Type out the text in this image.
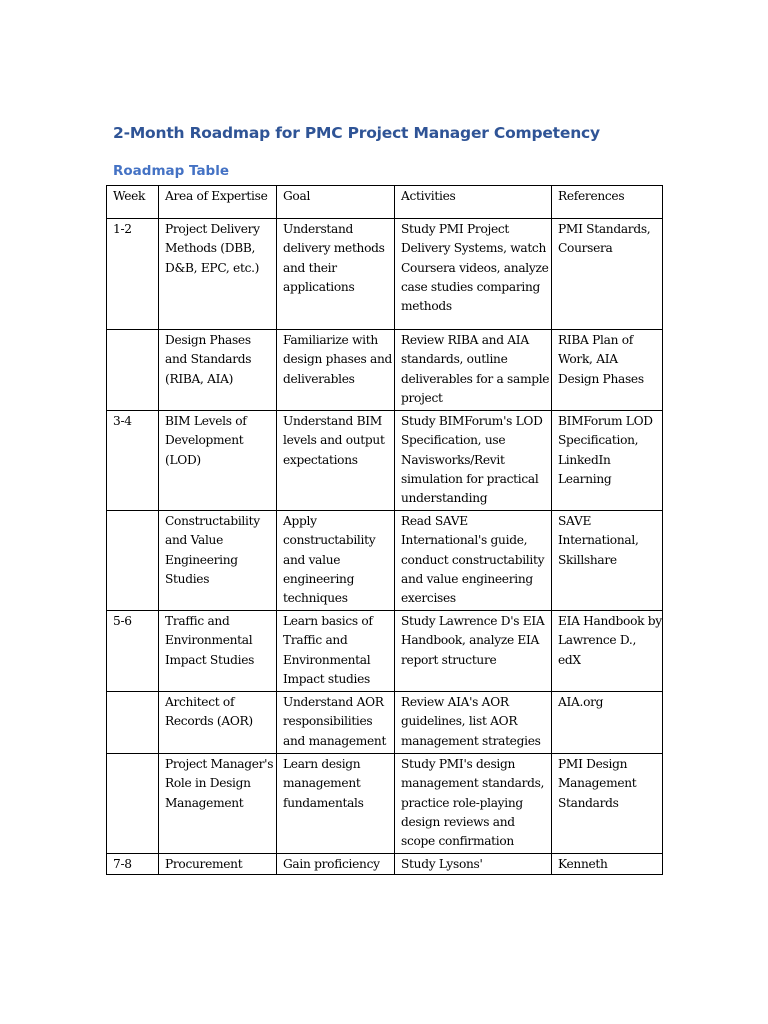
2-Month Roadmap for PMC Project Manager Competency
Roadmap Table
Week	Area of Expertise	Goal	Activities	References
1-2	Project Delivery Methods (DBB, D&B, EPC, etc.)	Understand delivery methods and their applications	Study PMI Project Delivery Systems, watch Coursera videos, analyze case studies comparing methods	PMI Standards, Coursera
	Design Phases and Standards (RIBA, AIA)	Familiarize with design phases and deliverables	Review RIBA and AIA standards, outline deliverables for a sample project	RIBA Plan of Work, AIA Design Phases
3-4	BIM Levels of Development (LOD)	Understand BIM levels and output expectations	Study BIMForum's LOD Specification, use Navisworks/Revit simulation for practical understanding	BIMForum LOD Specification, LinkedIn Learning
	Constructability and Value Engineering Studies	Apply constructability and value engineering techniques	Read SAVE International's guide, conduct constructability and value engineering exercises	SAVE International, Skillshare
5-6	Traffic and Environmental Impact Studies	Learn basics of Traffic and Environmental Impact studies	Study Lawrence D's EIA Handbook, analyze EIA report structure	EIA Handbook by Lawrence D., edX
	Architect of Records (AOR)	Understand AOR responsibilities and management	Review AIA's AOR guidelines, list AOR management strategies	AIA.org
	Project Manager's Role in Design Management	Learn design management fundamentals	Study PMI's design management standards, practice role-playing design reviews and scope confirmation	PMI Design Management Standards
7-8	Procurement	Gain proficiency	Study Lysons'	Kenneth
